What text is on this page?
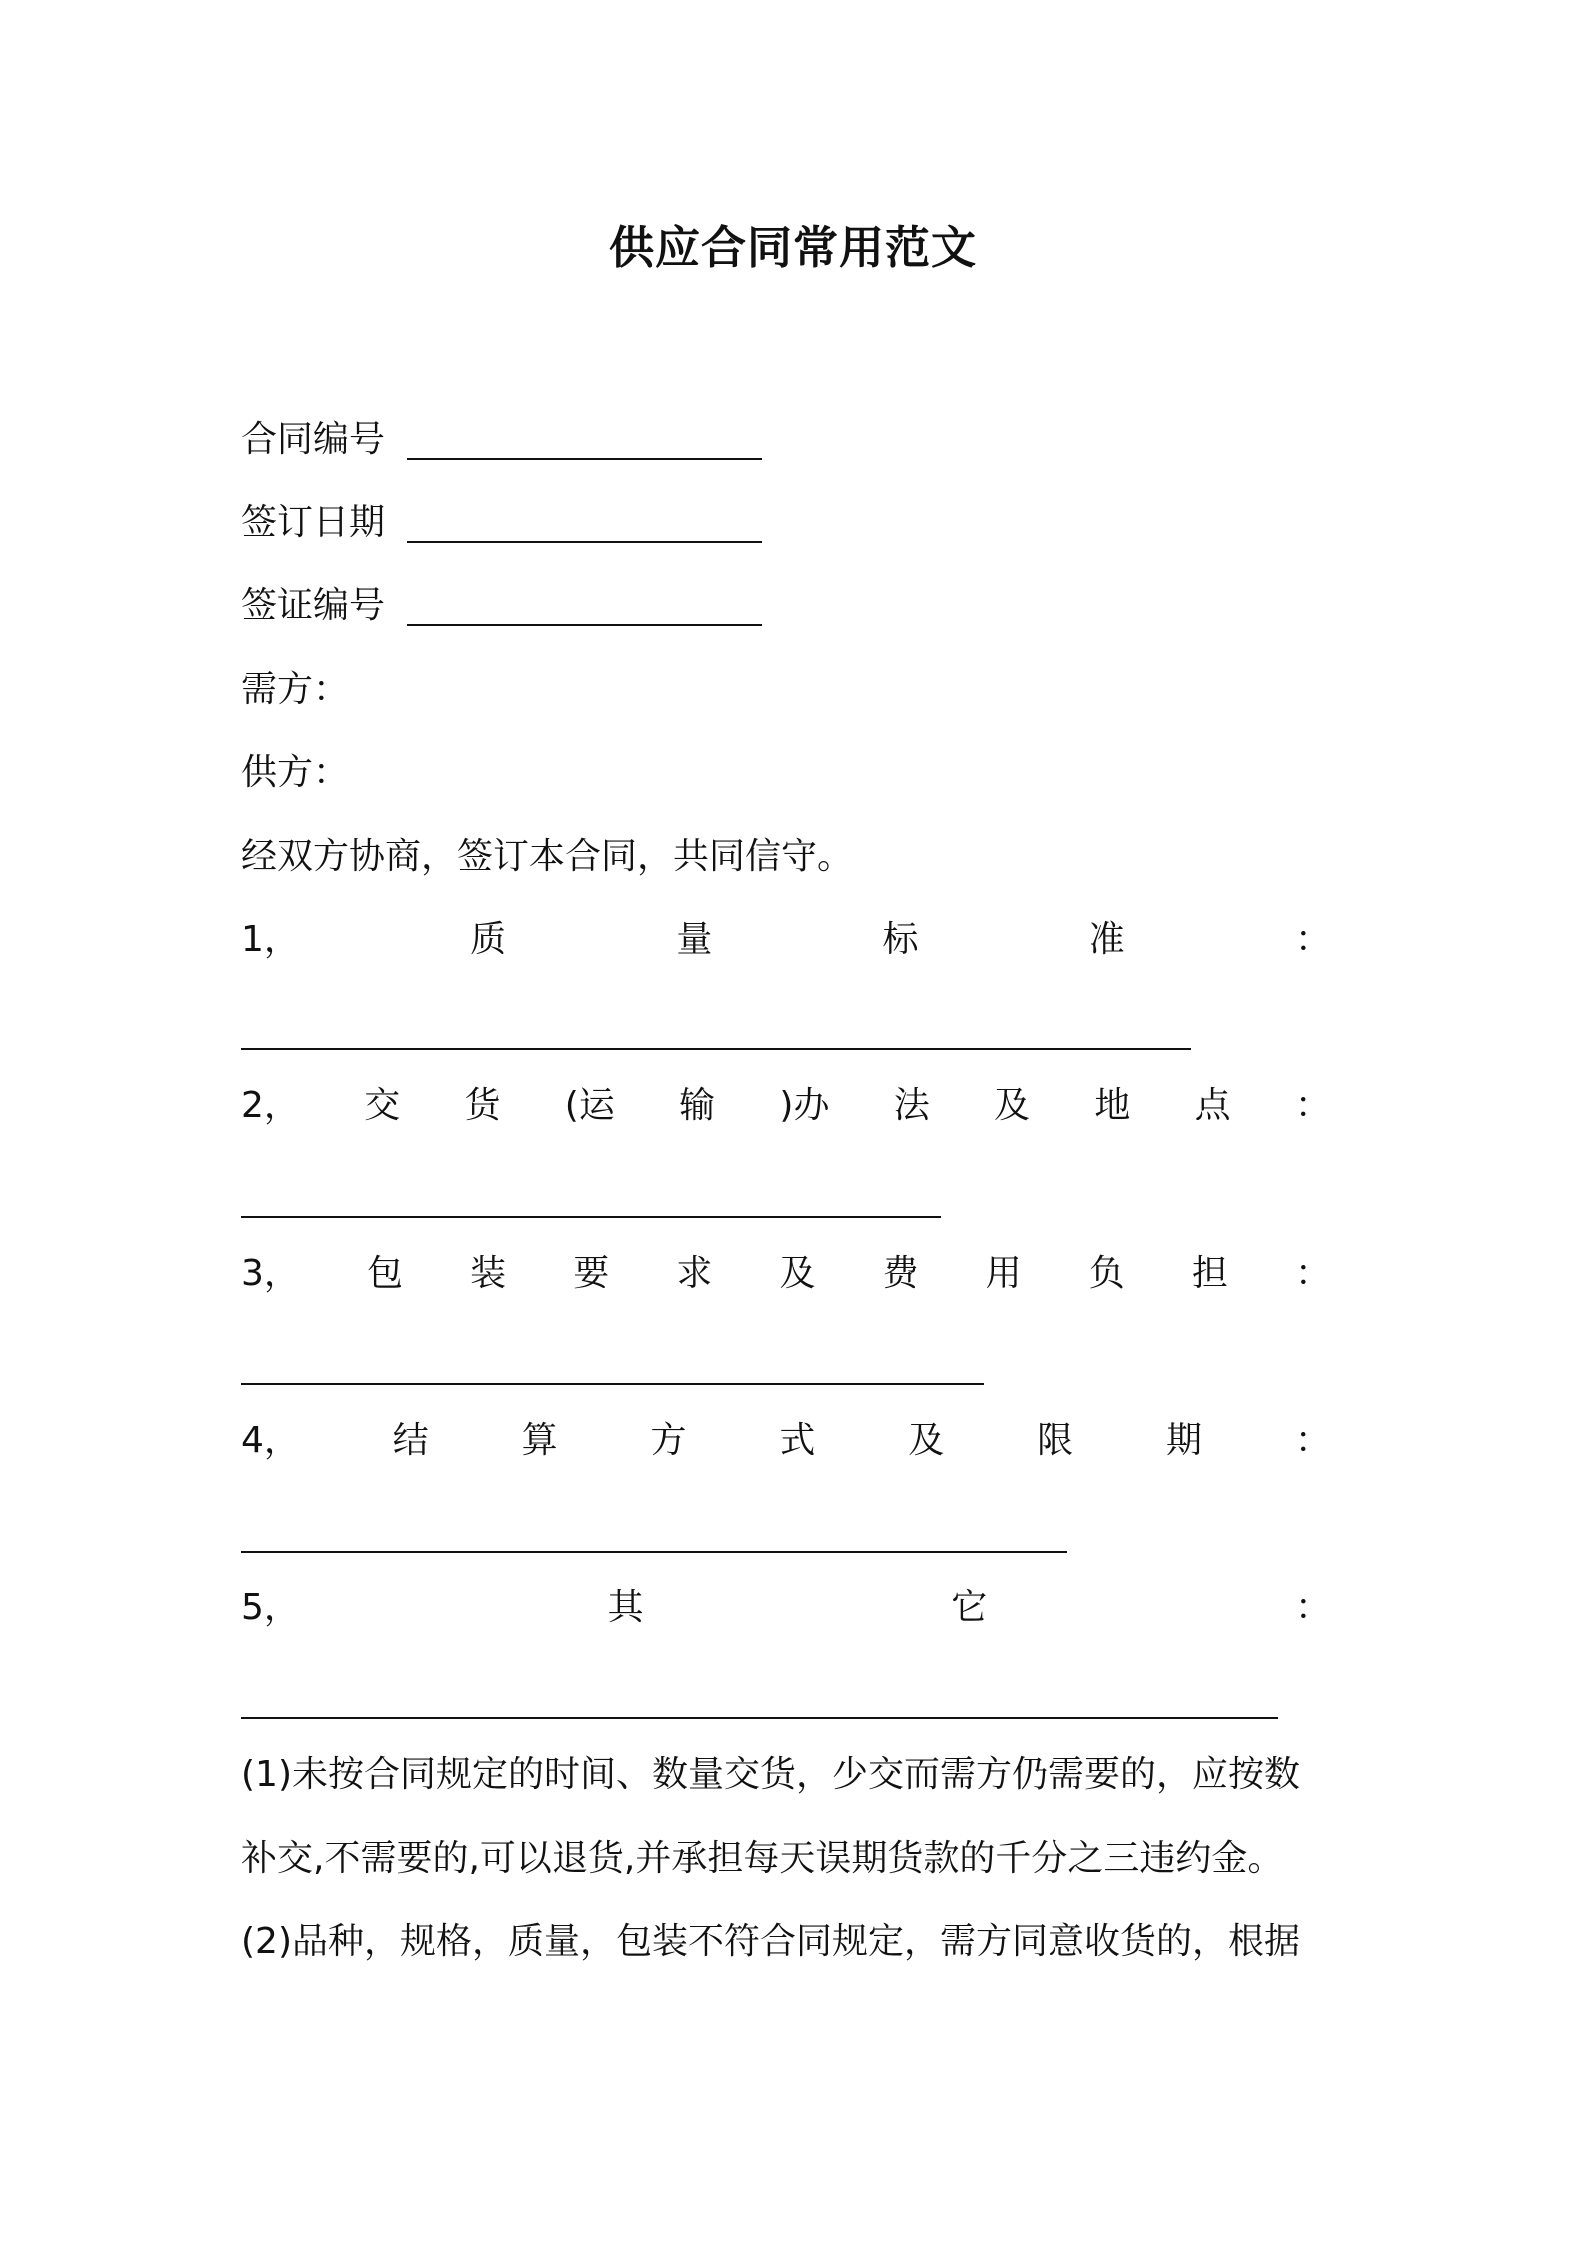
供应合同常用范文
合同编号
签订日期
签证编号
需方：
供方：
经双方协商，签订本合同，共同信守。
1，	质	量	标	准	：
2， 交 货 (运 输 )办 法 及 地 点 ：
3， 包 装 要 求 及 费 用 负 担 ：
4，	结	算	方	式	及	限	期	：
5，	其	它	：
(1)未按合同规定的时间、数量交货，少交而需方仍需要的，应按数
补交,不需要的,可以退货,并承担每天误期货款的千分之三违约金。
(2)品种，规格，质量，包装不符合同规定，需方同意收货的，根据
